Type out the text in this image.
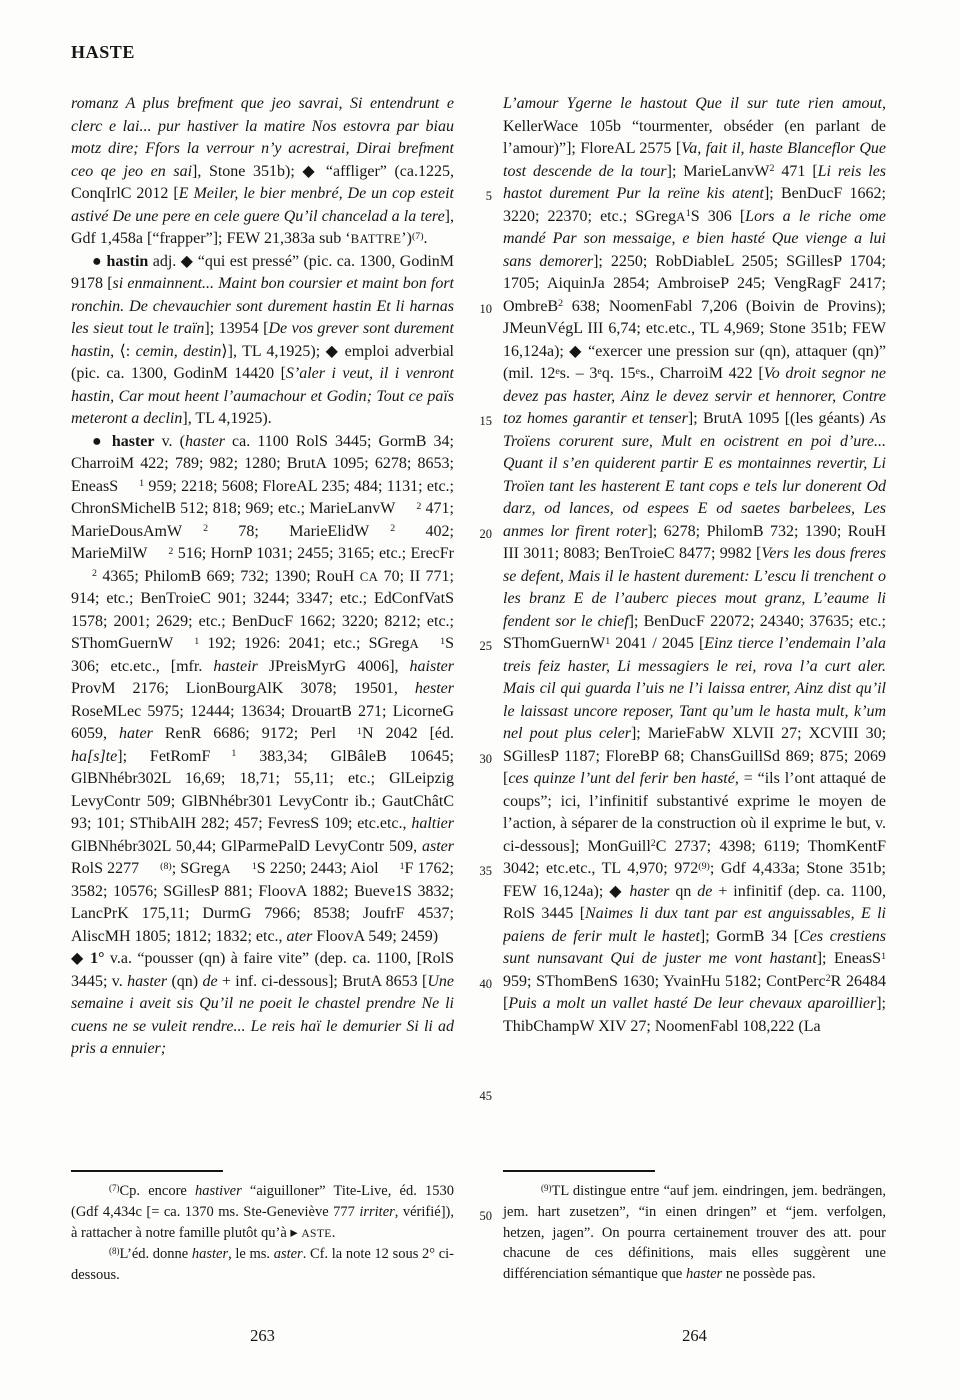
HASTE

romanz A plus brefment que jeo savrai, Si entendrunt e clerc e lai... pur hastiver la matire Nos estovra par biau motz dire; Ffors la verrour n’y acrestrai, Dirai brefment ceo qe jeo en sai], Stone 351b); ◆ “affliger” (ca.1225, ConqIrlC 2012 [E Meiler, le bier menbré, De un cop esteit astivé De une pere en cele guere Qu’il chancelad a la tere], Gdf 1,458a [“frapper”]; FEW 21,383a sub ‘BATTRE’)(7).

● hastin adj. ◆ “qui est pressé” (pic. ca. 1300, GodinM 9178 [si enmainnent... Maint bon coursier et maint bon fort ronchin. De chevauchier sont durement hastin Et li harnas les sieut tout le traïn]; 13954 [De vos grever sont durement hastin, ⟨: cemin, destin⟩], TL 4,1925); ◆ emploi adverbial (pic. ca. 1300, GodinM 14420 [S’aler i veut, il i venront hastin, Car mout heent l’aumachour et Godin; Tout ce païs meteront a declin], TL 4,1925).

● haster v. (haster ca. 1100 RolS 3445; GormB 34; CharroiM 422; 789; 982; 1280; BrutA 1095; 6278; 8653; EneasS 1 959; 2218; 5608; FloreAL 235; 484; 1131; etc.; ChronSMichelB 512; 818; 969; etc.; MarieLanvW 2 471; MarieDousAmW 2 78; MarieElidW 2 402; MarieMilW 2 516; HornP 1031; 2455; 3165; etc.; ErecFr2 4365; PhilomB 669; 732; 1390; RouH CA 70; II 771; 914; etc.; BenTroieC 901; 3244; 3347; etc.; EdConfVatS 1578; 2001; 2629; etc.; BenDucF 1662; 3220; 8212; etc.; SThomGuernW 1 192; 1926: 2041; etc.; SGregA 1S 306; etc.etc., [mfr. hasteir JPreisMyrG 4006], haister ProvM 2176; LionBourgAlK 3078; 19501, hester RoseMLec 5975; 12444; 13634; DrouartB 271; LicorneG 6059, hater RenR 6686; 9172; Perl 1N 2042 [éd. ha[s]te]; FetRomF 1 383,34; GlBâleB 10645; GlBNhébr302L 16,69; 18,71; 55,11; etc.; GlLeipzig LevyContr 509; GlBNhébr301 LevyContr ib.; GautChâtC 93; 101; SThibAlH 282; 457; FevresS 109; etc.etc., haltier GlBNhébr302L 50,44; GlParmePalD LevyContr 509, aster RolS 2277 (8); SGregA 1S 2250; 2443; Aiol 1F 1762; 3582; 10576; SGillesP 881; FloovA 1882; Bueve1S 3832; LancPrK 175,11; DurmG 7966; 8538; JoufrF 4537; AliscMH 1805; 1812; 1832; etc., ater FloovA 549; 2459)

◆ 1° v.a. “pousser (qn) à faire vite” (dep. ca. 1100, [RolS 3445; v. haster (qn) de + inf. ci-dessous]; BrutA 8653 [Une semaine i aveit sis Qu’il ne poeit le chastel prendre Ne li cuens ne se vuleit rendre... Le reis haï le demurier Si li ad pris a ennuier;

L’amour Ygerne le hastout Que il sur tute rien amout, KellerWace 105b “tourmenter, obséder (en parlant de l’amour)”]; FloreAL 2575 [Va, fait il, haste Blanceflor Que tost descende de la tour]; MarieLanvW2 471 [Li reis les hastot durement Pur la reïne kis atent]; BenDucF 1662; 3220; 22370; etc.; SGregA1S 306 [Lors a le riche ome mandé Par son messaige, e bien hasté Que vienge a lui sans demorer]; 2250; RobDiableL 2505; SGillesP 1704; 1705; AiquinJa 2854; AmbroiseP 245; VengRagF 2417; OmbreB2 638; NoomenFabl 7,206 (Boivin de Provins); JMeunVégL III 6,74; etc.etc., TL 4,969; Stone 351b; FEW 16,124a); ◆ “exercer une pression sur (qn), attaquer (qn)” (mil. 12es. – 3eq. 15es., CharroiM 422 [Vo droit segnor ne devez pas haster, Ainz le devez servir et hennorer, Contre toz homes garantir et tenser]; BrutA 1095 [(les géants) As Troïens corurent sure, Mult en ocistrent en poi d’ure... Quant il s’en quiderent partir E es montainnes revertir, Li Troïen tant les hasterent E tant cops e tels lur donerent Od darz, od lances, od espees E od saetes barbelees, Les anmes lor firent roter]; 6278; PhilomB 732; 1390; RouH III 3011; 8083; BenTroieC 8477; 9982 [Vers les dous freres se defent, Mais il le hastent durement: L’escu li trenchent o les branz E de l’auberc pieces mout granz, L’eaume li fendent sor le chief]; BenDucF 22072; 24340; 37635; etc.; SThomGuernW1 2041 / 2045 [Einz tierce l’endemain l’ala treis feiz haster, Li messagiers le rei, rova l’a curt aler. Mais cil qui guarda l’uis ne l’i laissa entrer, Ainz dist qu’il le laissast uncore reposer, Tant qu’um le hasta mult, k’um nel pout plus celer]; MarieFabW XLVII 27; XCVIII 30; SGillesP 1187; FloreBP 68; ChansGuillSd 869; 875; 2069 [ces quinze l’unt del ferir ben hasté, = “ils l’ont attaqué de coups”; ici, l’infinitif substantivé exprime le moyen de l’action, à séparer de la construction où il exprime le but, v. ci-dessous]; MonGuill2C 2737; 4398; 6119; ThomKentF 3042; etc.etc., TL 4,970; 972(9); Gdf 4,433a; Stone 351b; FEW 16,124a); ◆ haster qn de + infinitif (dep. ca. 1100, RolS 3445 [Naimes li dux tant par est anguissables, E li paiens de ferir mult le hastet]; GormB 34 [Ces crestiens sunt nunsavant Qui de juster me vont hastant]; EneasS1 959; SThomBenS 1630; YvainHu 5182; ContPerc2R 26484 [Puis a molt un vallet hasté De leur chevaux aparoillier]; ThibChampW XIV 27; NoomenFabl 108,222 (La

5
10
15
20
25
30
35
40
45
50

(7)Cp. encore hastiver “aiguilloner” Tite-Live, éd. 1530 (Gdf 4,434c [= ca. 1370 ms. Ste-Geneviève 777 irriter, vérifié]), à rattacher à notre famille plutôt qu’à ▸ ASTE.

(8)L’éd. donne haster, le ms. aster. Cf. la note 12 sous 2° ci-dessous.

(9)TL distingue entre “auf jem. eindringen, jem. bedrängen, jem. hart zusetzen”, “in einen dringen” et “jem. verfolgen, hetzen, jagen”. On pourra certainement trouver des att. pour chacune de ces définitions, mais elles suggèrent une différenciation sémantique que haster ne possède pas.

263	264
